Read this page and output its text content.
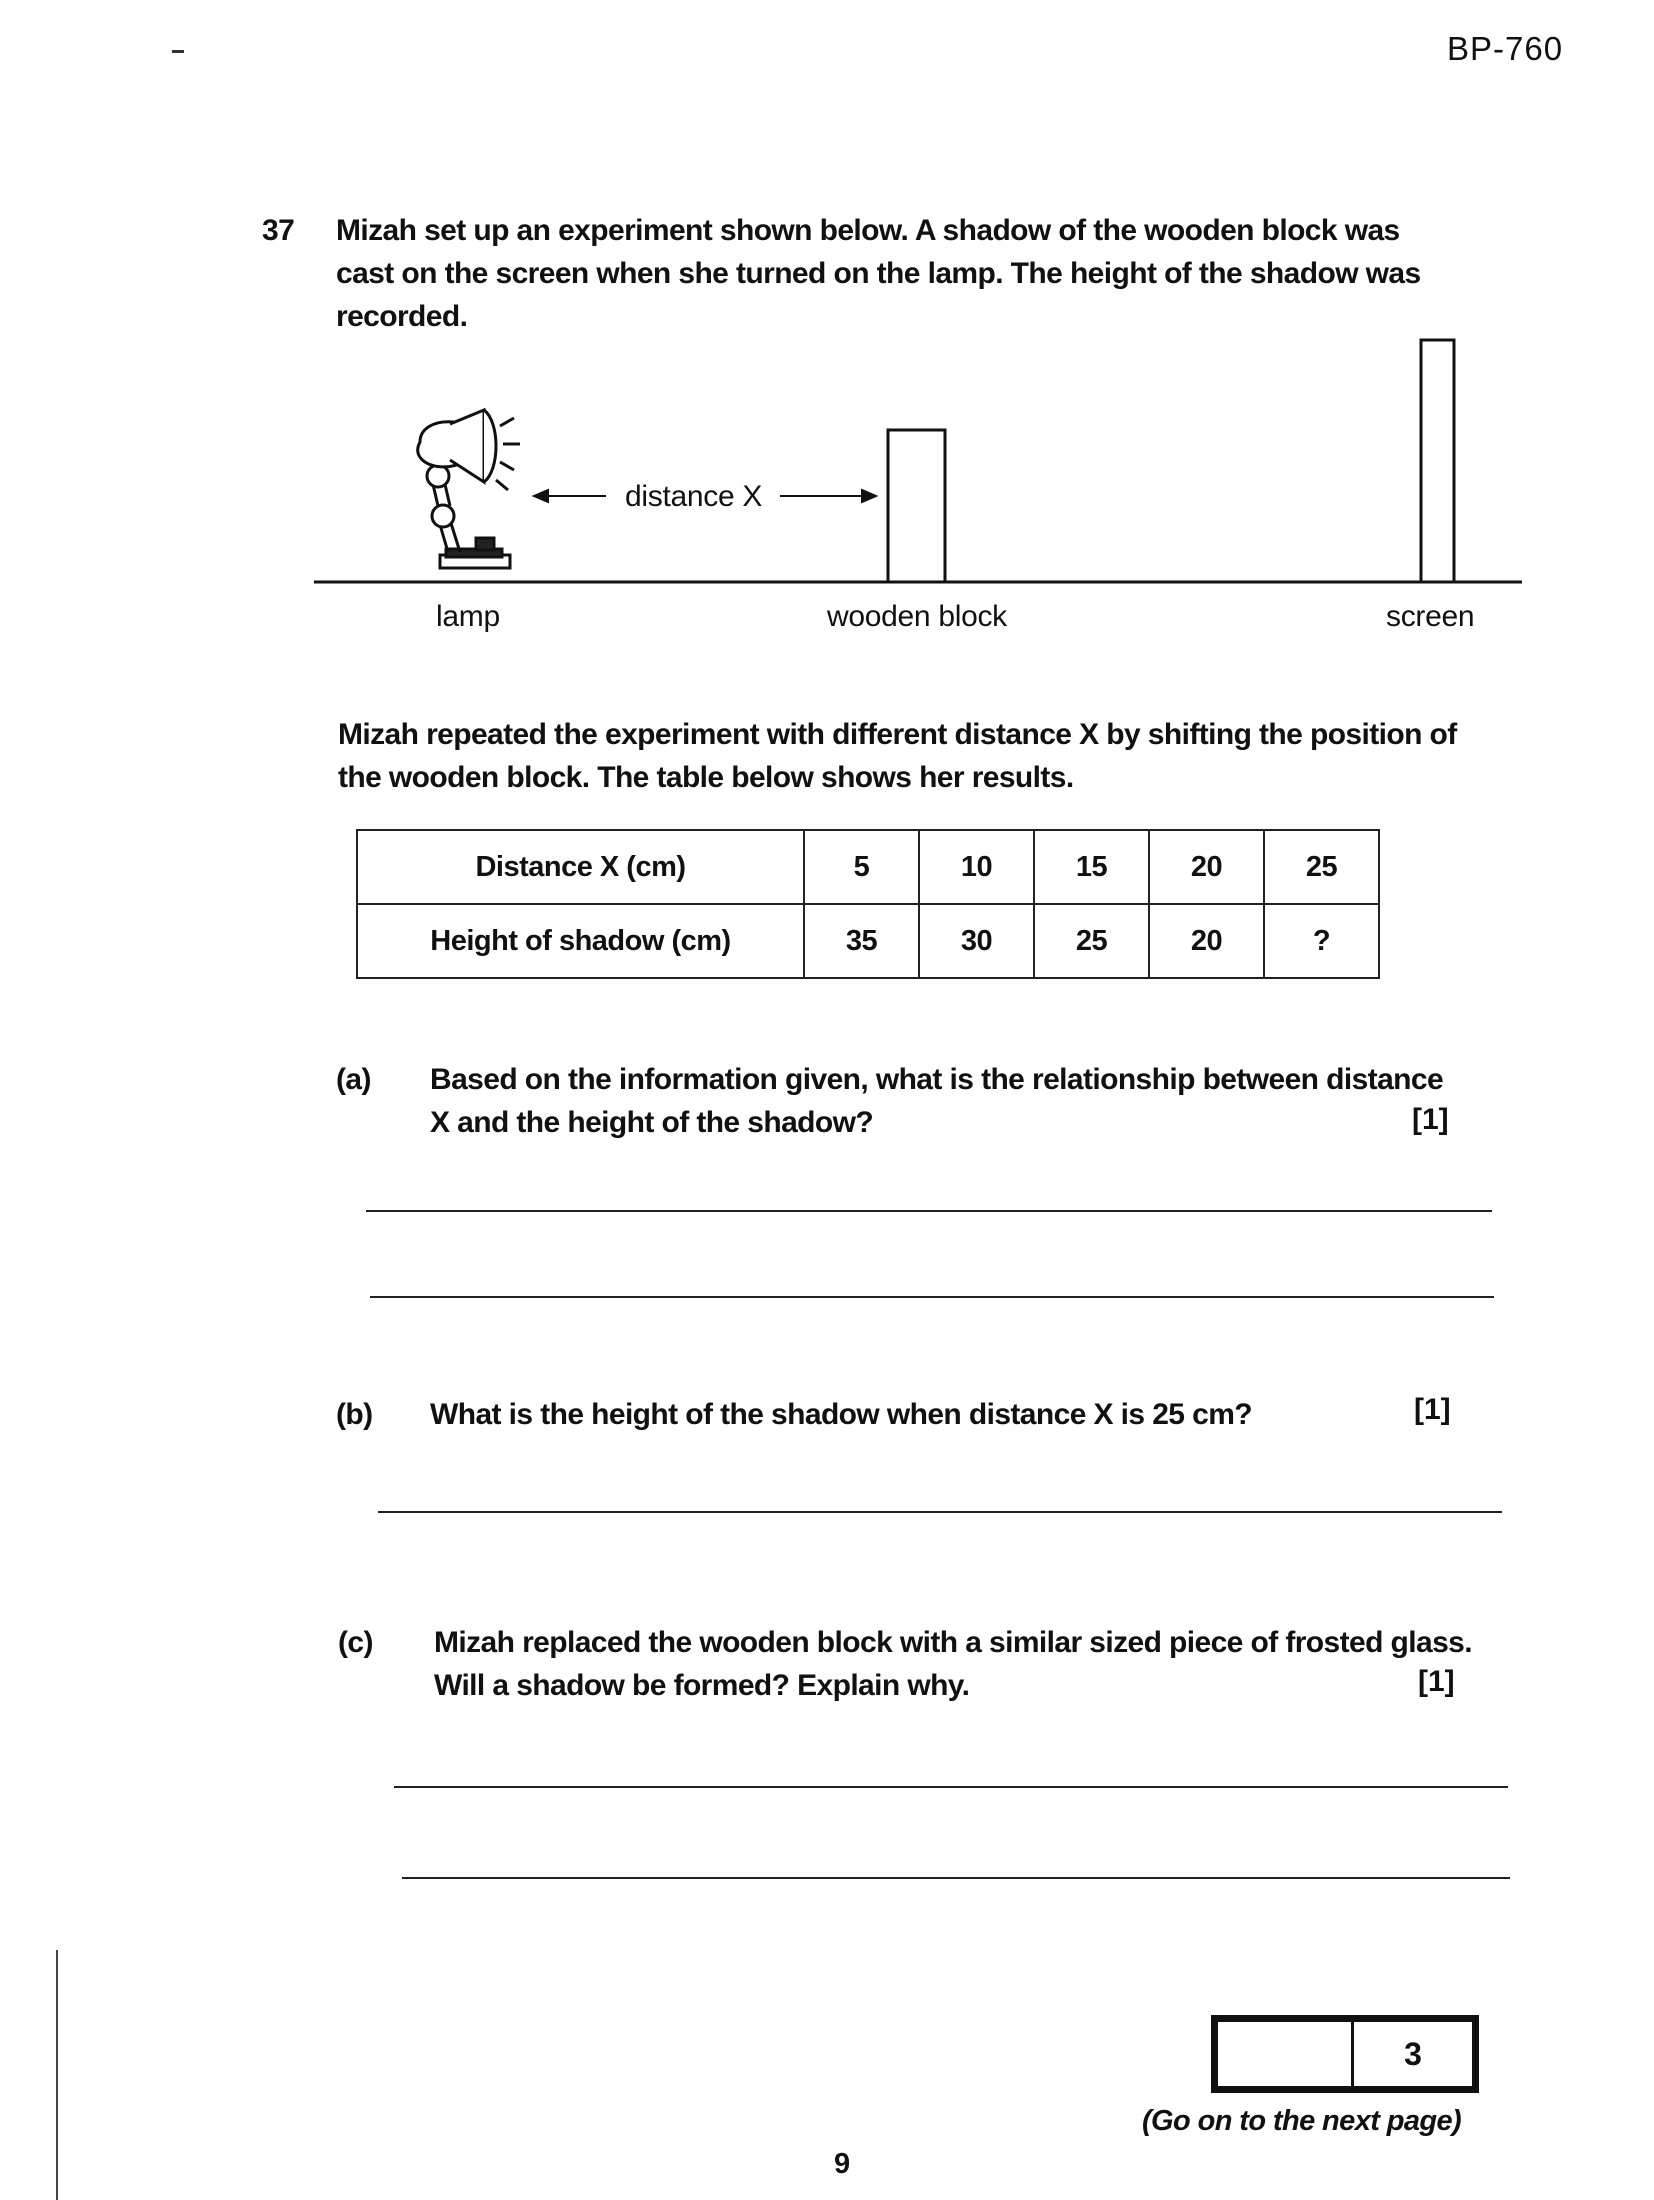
BP-760
37 Mizah set up an experiment shown below. A shadow of the wooden block was
cast on the screen when she turned on the lamp. The height of the shadow was
recorded.
distance X
lamp	wooden block	screen
Mizah repeated the experiment with different distance X by shifting the position of
the wooden block. The table below shows her results.
Distance X (cm)	5	10	15	20	25
Height of shadow (cm)	35	30	25	20	?
(a) Based on the information given, what is the relationship between distance
X and the height of the shadow?	[1]
(b) What is the height of the shadow when distance X is 25 cm?	[1]
(c) Mizah replaced the wooden block with a similar sized piece of frosted glass.
Will a shadow be formed? Explain why.	[1]
3
(Go on to the next page)
9
